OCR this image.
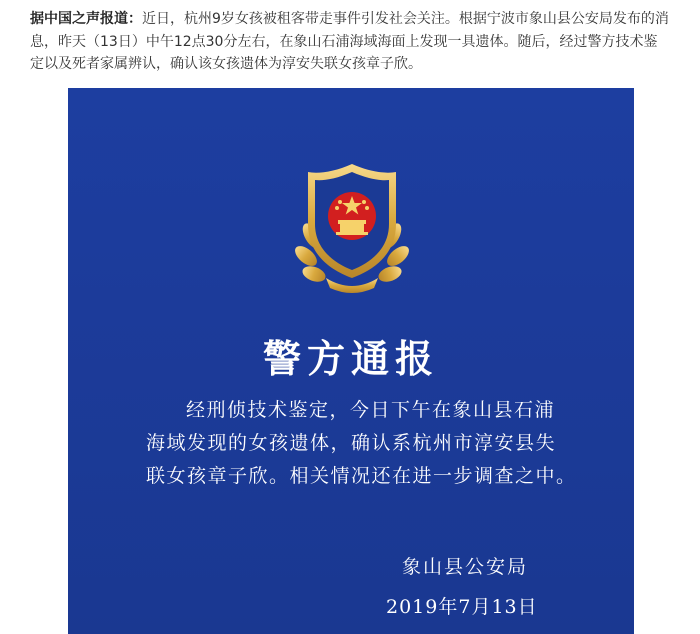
据中国之声报道：近日，杭州9岁女孩被租客带走事件引发社会关注。根据宁波市象山县公安局发布的消息，昨天（13日）中午12点30分左右，在象山石浦海域海面上发现一具遗体。随后，经过警方技术鉴定以及死者家属辨认，确认该女孩遗体为淳安失联女孩章子欣。

警方通报

经刑侦技术鉴定，今日下午在象山县石浦
海域发现的女孩遗体，确认系杭州市淳安县失
联女孩章子欣。相关情况还在进一步调查之中。

象山县公安局
2019年7月13日
